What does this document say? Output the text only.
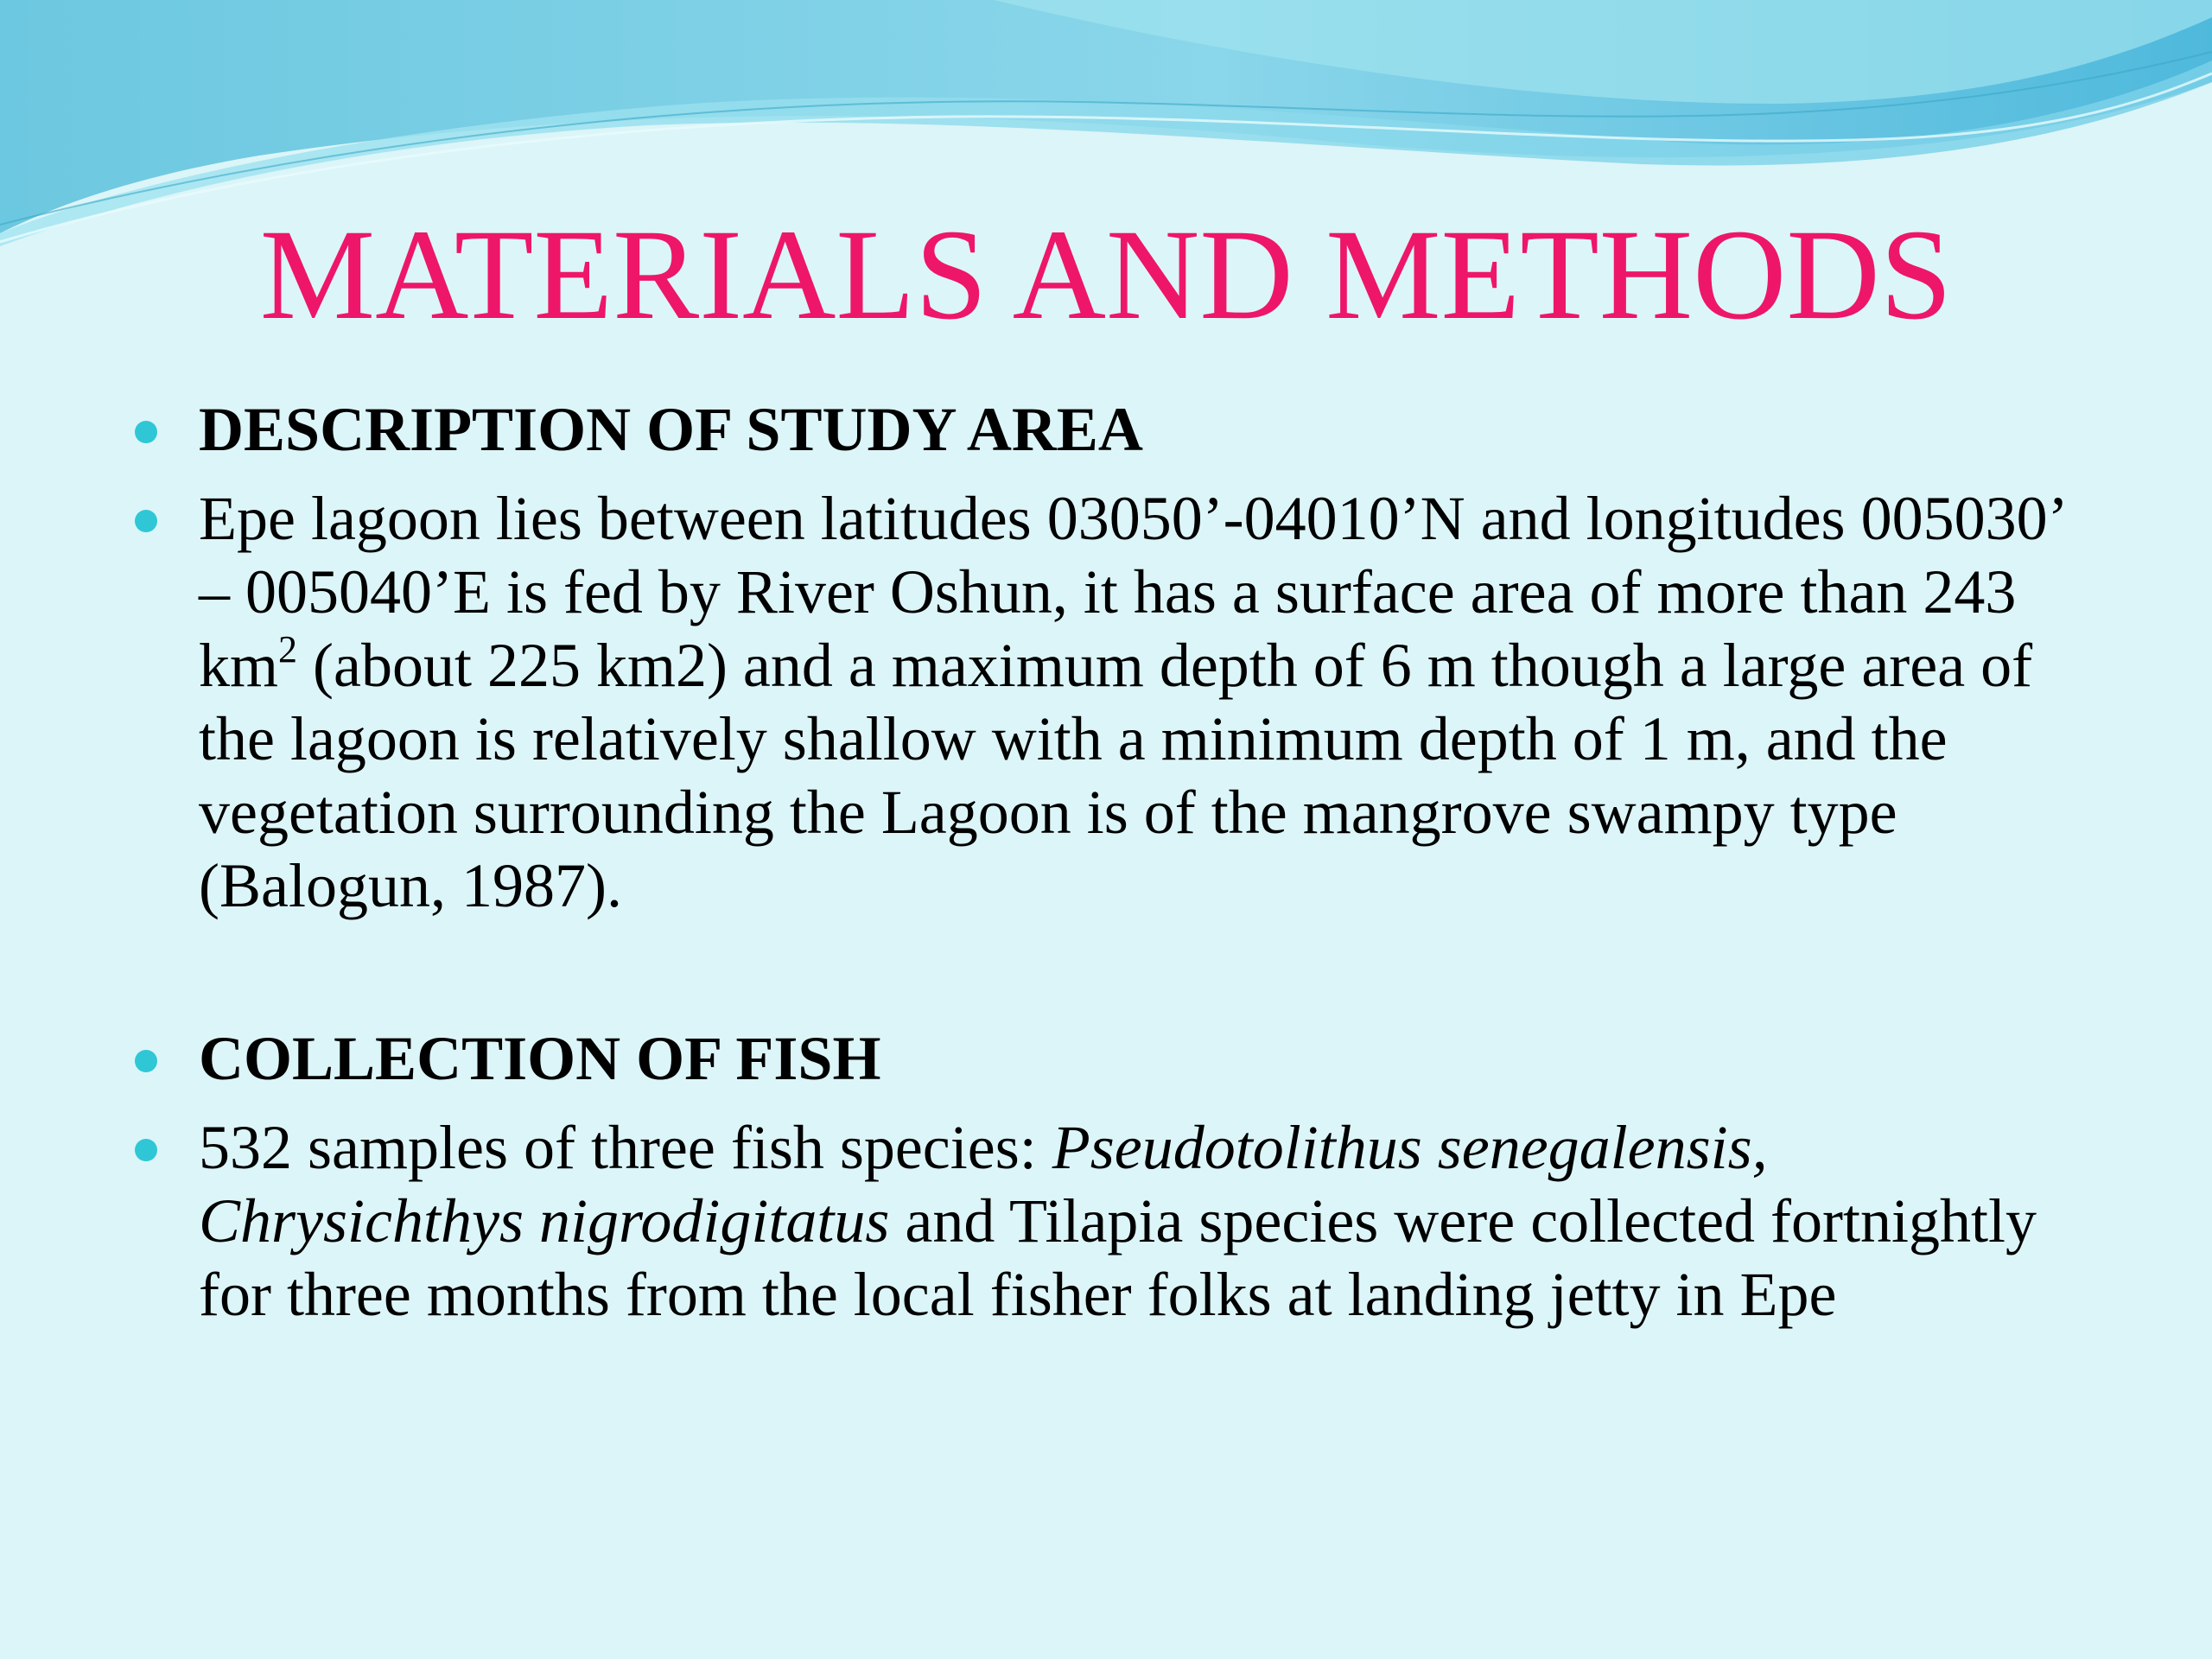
MATERIALS AND METHODS
DESCRIPTION OF STUDY AREA
Epe lagoon lies between latitudes 03050’-04010’N and longitudes 005030’ – 005040’E is fed by River Oshun, it has a surface area of more than 243 $km^2$ (about 225 km2) and a maximum depth of 6 m though a large area of the lagoon is relatively shallow with a minimum depth of 1 m, and the vegetation surrounding the Lagoon is of the mangrove swampy type (Balogun, 1987).
COLLECTION OF FISH
532 samples of three fish species: Pseudotolithus senegalensis, Chrysichthys nigrodigitatus and Tilapia species were collected fortnightly for three months from the local fisher folks at landing jetty in Epe
